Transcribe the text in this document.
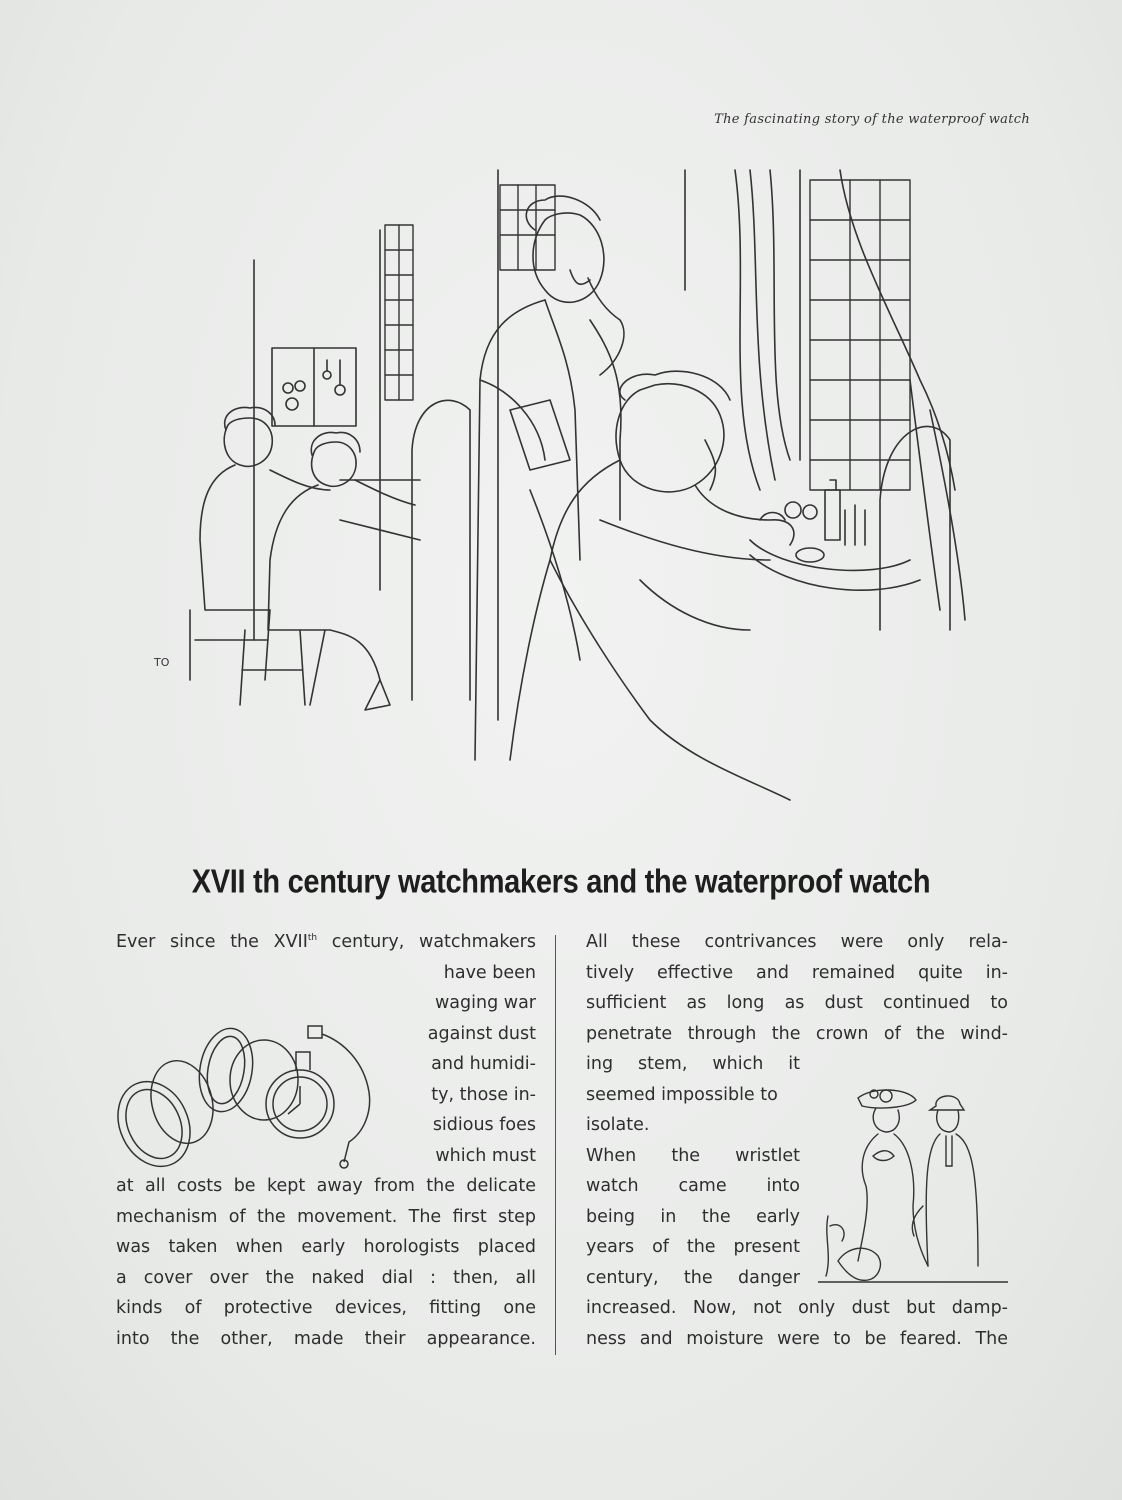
The fascinating story of the waterproof watch
TO
XVII th century watchmakers and the waterproof watch
Ever since the XVIIth century, watchmakers
have been
waging war
against dust
and humidi-
ty, those in-
sidious foes
which must
at all costs be kept away from the delicate
mechanism of the movement. The first step
was taken when early horologists placed
a cover over the naked dial : then, all
kinds of protective devices, fitting one
into the other, made their appearance.
All these contrivances were only rela-
tively effective and remained quite in-
sufficient as long as dust continued to
penetrate through the crown of the wind-
ing stem, which it
seemed impossible to
isolate.
When the wristlet
watch came into
being in the early
years of the present
century, the danger
increased. Now, not only dust but damp-
ness and moisture were to be feared. The
